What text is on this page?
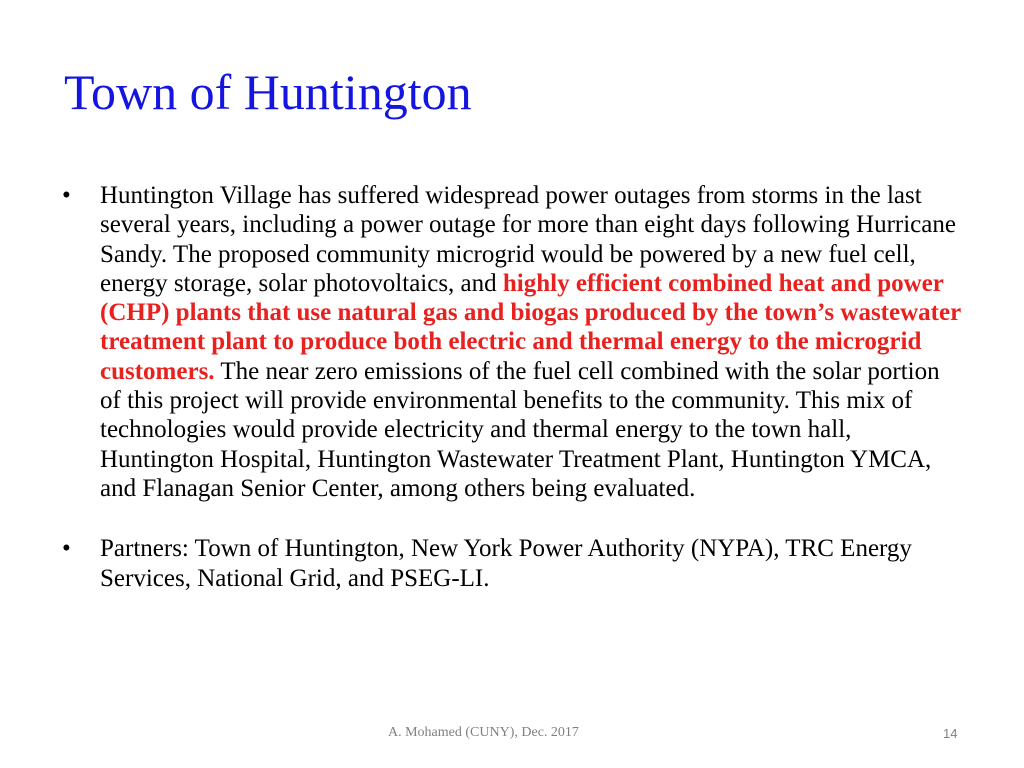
Town of Huntington
• Huntington Village has suffered widespread power outages from storms in the last several years, including a power outage for more than eight days following Hurricane Sandy. The proposed community microgrid would be powered by a new fuel cell, energy storage, solar photovoltaics, and highly efficient combined heat and power (CHP) plants that use natural gas and biogas produced by the town’s wastewater treatment plant to produce both electric and thermal energy to the microgrid customers. The near zero emissions of the fuel cell combined with the solar portion of this project will provide environmental benefits to the community. This mix of technologies would provide electricity and thermal energy to the town hall, Huntington Hospital, Huntington Wastewater Treatment Plant, Huntington YMCA, and Flanagan Senior Center, among others being evaluated.
• Partners: Town of Huntington, New York Power Authority (NYPA), TRC Energy Services, National Grid, and PSEG-LI.
A. Mohamed (CUNY), Dec. 2017	14
